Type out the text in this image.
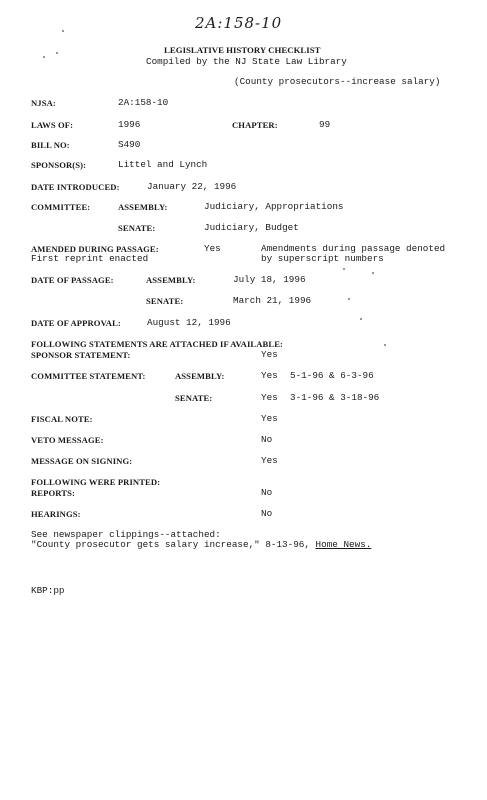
2A:158-10
LEGISLATIVE HISTORY CHECKLIST
Compiled by the NJ State Law Library
(County prosecutors--increase salary)
NJSA:	2A:158-10
LAWS OF:	1996	CHAPTER:	99
BILL NO:	S490
SPONSOR(S):	Littel and Lynch
DATE INTRODUCED:	January 22, 1996
COMMITTEE:	ASSEMBLY:	Judiciary, Appropriations
SENATE:	Judiciary, Budget
AMENDED DURING PASSAGE:	Yes	Amendments during passage denoted
by superscript numbers
First reprint enacted
DATE OF PASSAGE:	ASSEMBLY:	July 18, 1996
SENATE:	March 21, 1996
DATE OF APPROVAL:	August 12, 1996
FOLLOWING STATEMENTS ARE ATTACHED IF AVAILABLE:
SPONSOR STATEMENT:	Yes
COMMITTEE STATEMENT:	ASSEMBLY:	Yes 5-1-96 & 6-3-96
SENATE:	Yes 3-1-96 & 3-18-96
FISCAL NOTE:	Yes
VETO MESSAGE:	No
MESSAGE ON SIGNING:	Yes
FOLLOWING WERE PRINTED:
REPORTS:	No
HEARINGS:	No
See newspaper clippings--attached:
"County prosecutor gets salary increase," 8-13-96, Home News.
KBP:pp
